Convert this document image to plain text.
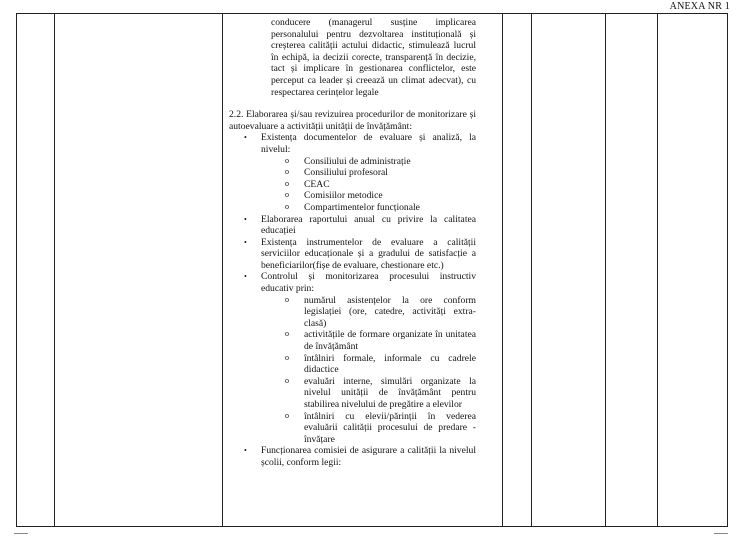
ANEXA NR 1

conducere (managerul susține implicarea personalului pentru dezvoltarea instituțională și creșterea calității actului didactic, stimulează lucrul în echipă, ia decizii corecte, transparență în decizie, tact și implicare în gestionarea conflictelor, este perceput ca leader și creează un climat adecvat), cu respectarea cerințelor legale

2.2. Elaborarea și/sau revizuirea procedurilor de monitorizare și autoevaluare a activității unității de învățământ:

• Existența documentelor de evaluare și analiză, la nivelul:

o Consiliului de administrație

o Consiliului profesoral

o CEAC

o Comisiilor metodice

o Compartimentelor funcționale

• Elaborarea raportului anual cu privire la calitatea educației

• Existența instrumentelor de evaluare a calității serviciilor educaționale și a gradului de satisfacție a beneficiarilor(fișe de evaluare, chestionare etc.)

• Controlul și monitorizarea procesului instructiv educativ prin:

o numărul asistențelor la ore conform legislației (ore, catedre, activități extra-clasă)

o activitățile de formare organizate în unitatea de învățământ

o întâlniri formale, informale cu cadrele didactice

o evaluări interne, simulări organizate la nivelul unității de învățământ pentru stabilirea nivelului de pregătire a elevilor

o întâlniri cu elevii/părinții în vederea evaluării calității procesului de predare - învățare

• Funcționarea comisiei de asigurare a calității la nivelul școlii, conform legii:
